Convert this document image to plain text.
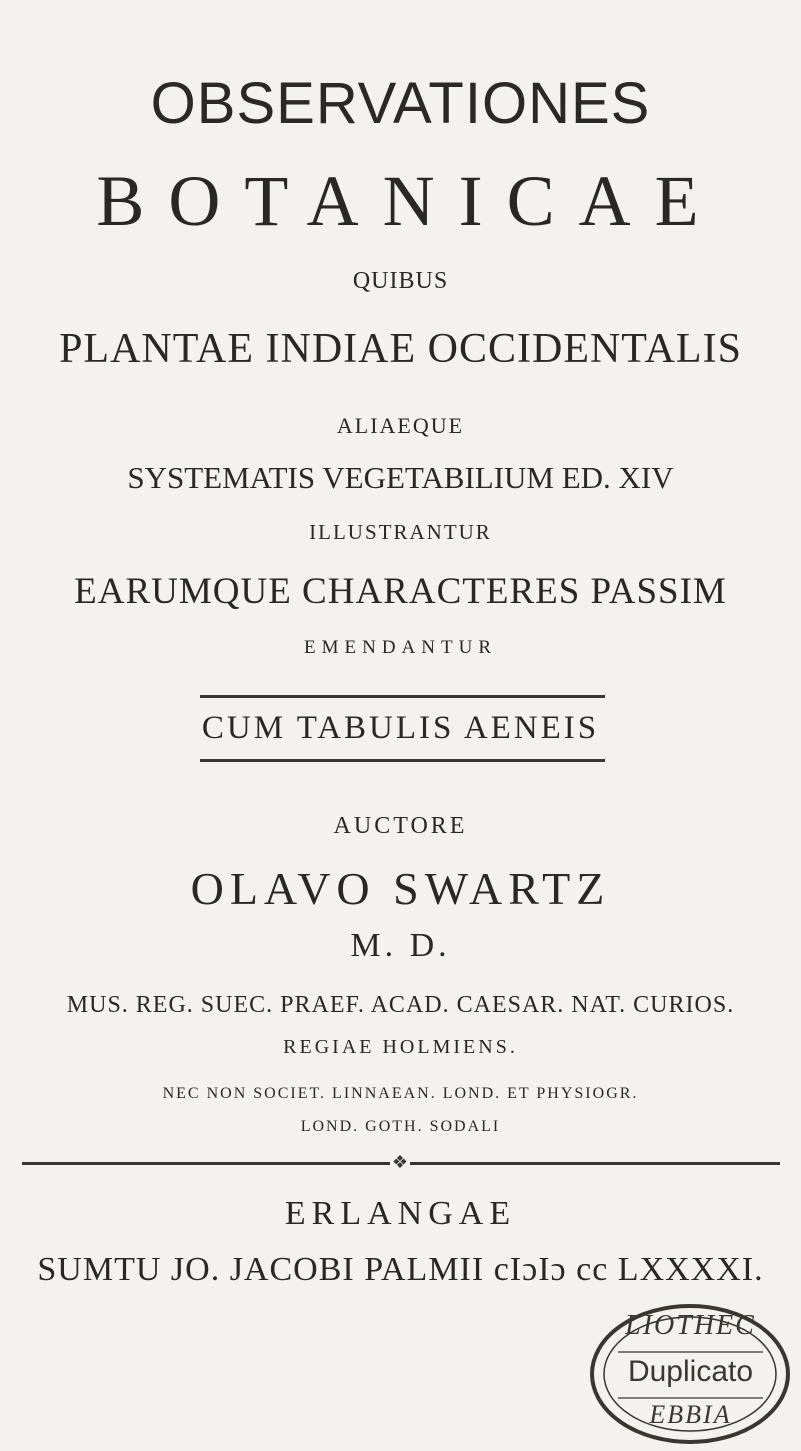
OBSERVATIONES
BOTANICAE
QUIBUS
PLANTAE INDIAE OCCIDENTALIS
ALIAEQUE
SYSTEMATIS VEGETABILIUM ED. XIV
ILLUSTRANTUR
EARUMQUE CHARACTERES PASSIM
EMENDANTUR
CUM TABULIS AENEIS
AUCTORE
OLAVO SWARTZ
M. D.
MUS. REG. SUEC. PRAEF. ACAD. CAESAR. NAT. CURIOS.
REGIAE HOLMIENS.
NEC NON SOCIET. LINNAEAN. LOND. ET PHYSIOGR.
LOND. GOTH. SODALI
❖
ERLANGAE
SUMTU JO. JACOBI PALMII cIɔIɔ cc LXXXXI.
LIOTHEC
Duplicato
EBBIA
